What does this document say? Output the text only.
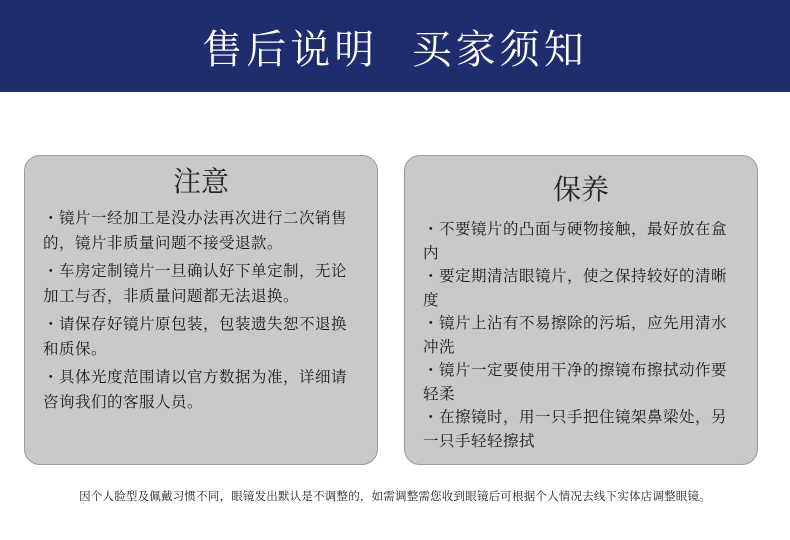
售后说明  买家须知
注意
・镜片一经加工是没办法再次进行二次销售的，镜片非质量问题不接受退款。
・车房定制镜片一旦确认好下单定制，无论加工与否，非质量问题都无法退换。
・请保存好镜片原包装，包装遗失恕不退换和质保。
・具体光度范围请以官方数据为准，详细请咨询我们的客服人员。
保养
・不要镜片的凸面与硬物接触，最好放在盒内
・要定期清洁眼镜片，使之保持较好的清晰度
・镜片上沾有不易擦除的污垢，应先用清水冲洗
・镜片一定要使用干净的擦镜布擦拭动作要轻柔
・在擦镜时，用一只手把住镜架鼻梁处，另一只手轻轻擦拭
因个人脸型及佩戴习惯不同，眼镜发出默认是不调整的，如需调整需您收到眼镜后可根据个人情况去线下实体店调整眼镜。
